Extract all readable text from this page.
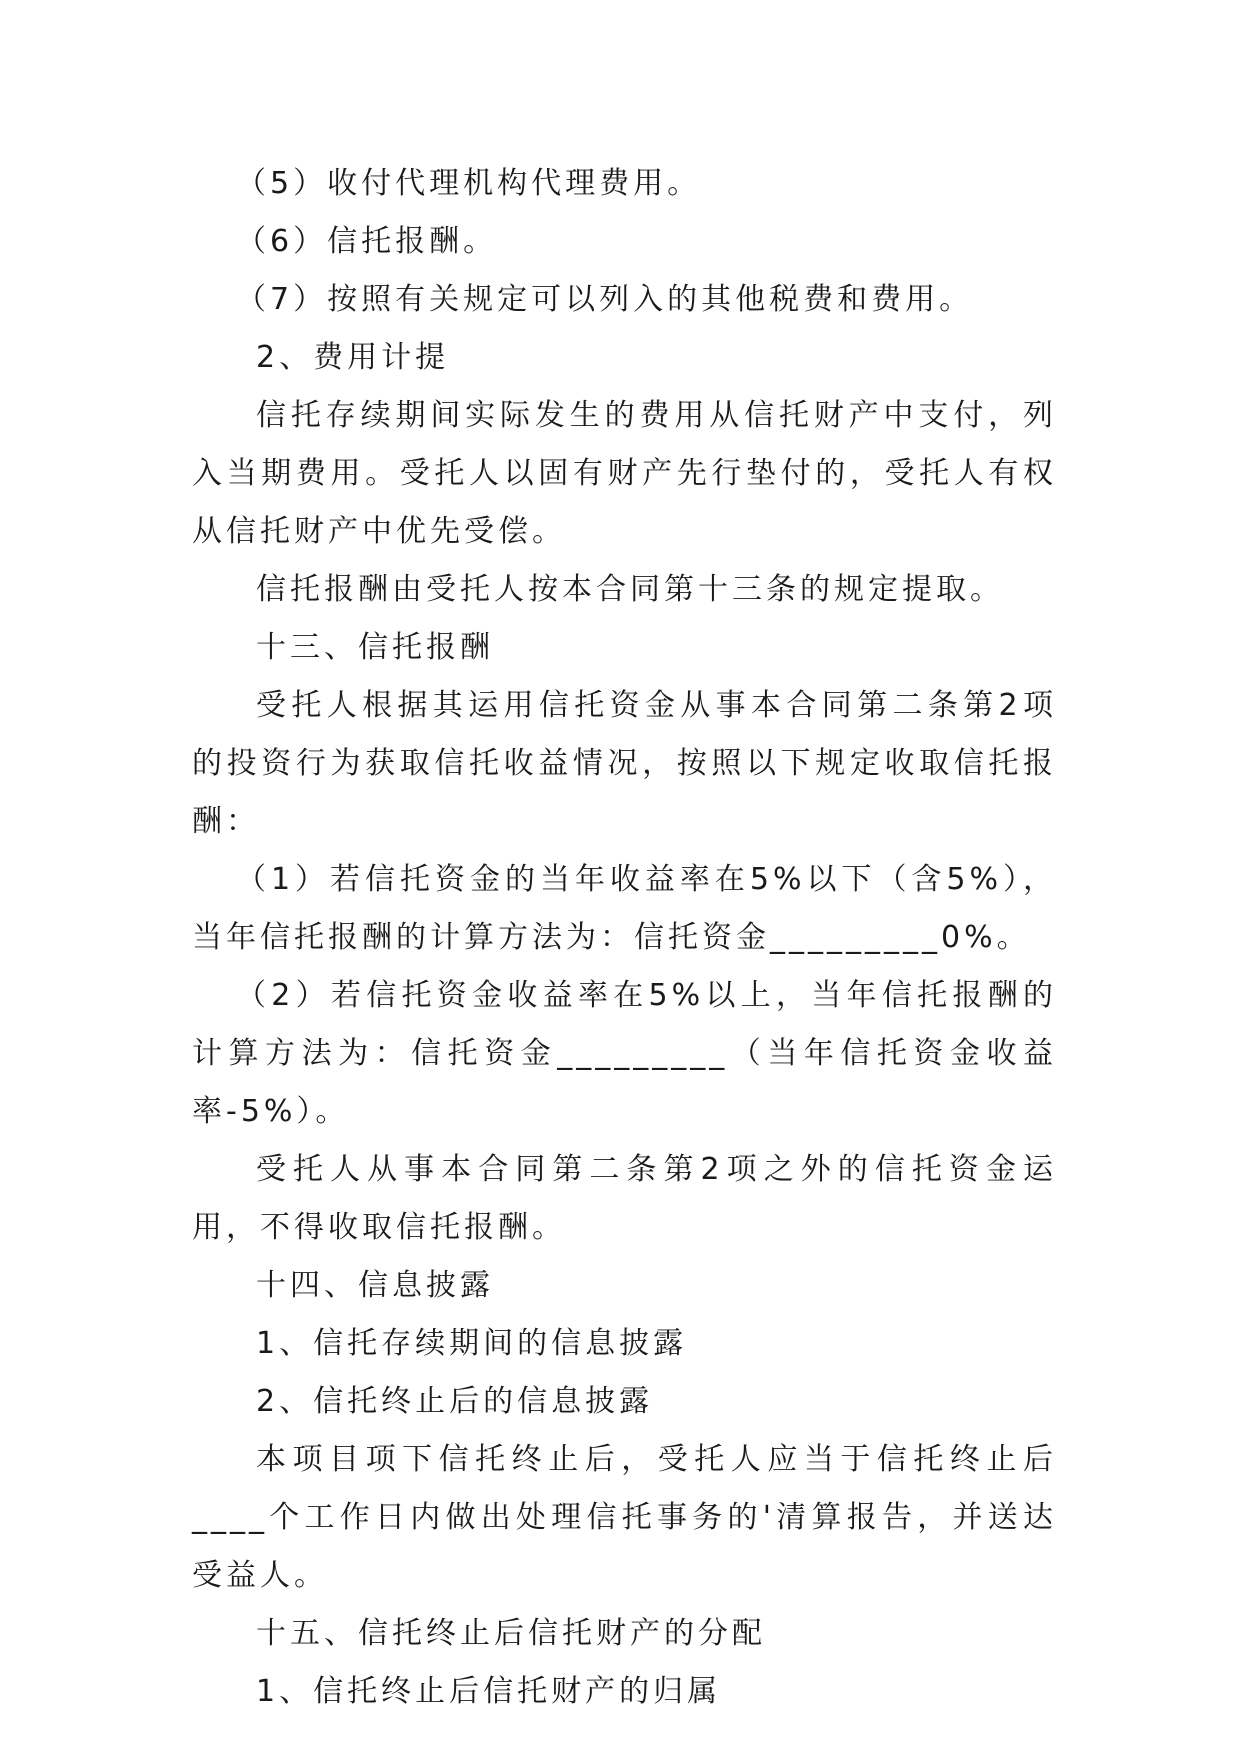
（5）收付代理机构代理费用。

（6）信托报酬。

（7）按照有关规定可以列入的其他税费和费用。

2、费用计提

信托存续期间实际发生的费用从信托财产中支付，列入当期费用。受托人以固有财产先行垫付的，受托人有权从信托财产中优先受偿。

信托报酬由受托人按本合同第十三条的规定提取。

十三、信托报酬

受托人根据其运用信托资金从事本合同第二条第2项的投资行为获取信托收益情况，按照以下规定收取信托报酬：

（1）若信托资金的当年收益率在5%以下（含5%），当年信托报酬的计算方法为：信托资金_________0%。

（2）若信托资金收益率在5%以上，当年信托报酬的计算方法为：信托资金_________（当年信托资金收益率-5%）。

受托人从事本合同第二条第2项之外的信托资金运用，不得收取信托报酬。

十四、信息披露

1、信托存续期间的信息披露

2、信托终止后的信息披露

本项目项下信托终止后，受托人应当于信托终止后____个工作日内做出处理信托事务的'清算报告，并送达受益人。

十五、信托终止后信托财产的分配

1、信托终止后信托财产的归属
